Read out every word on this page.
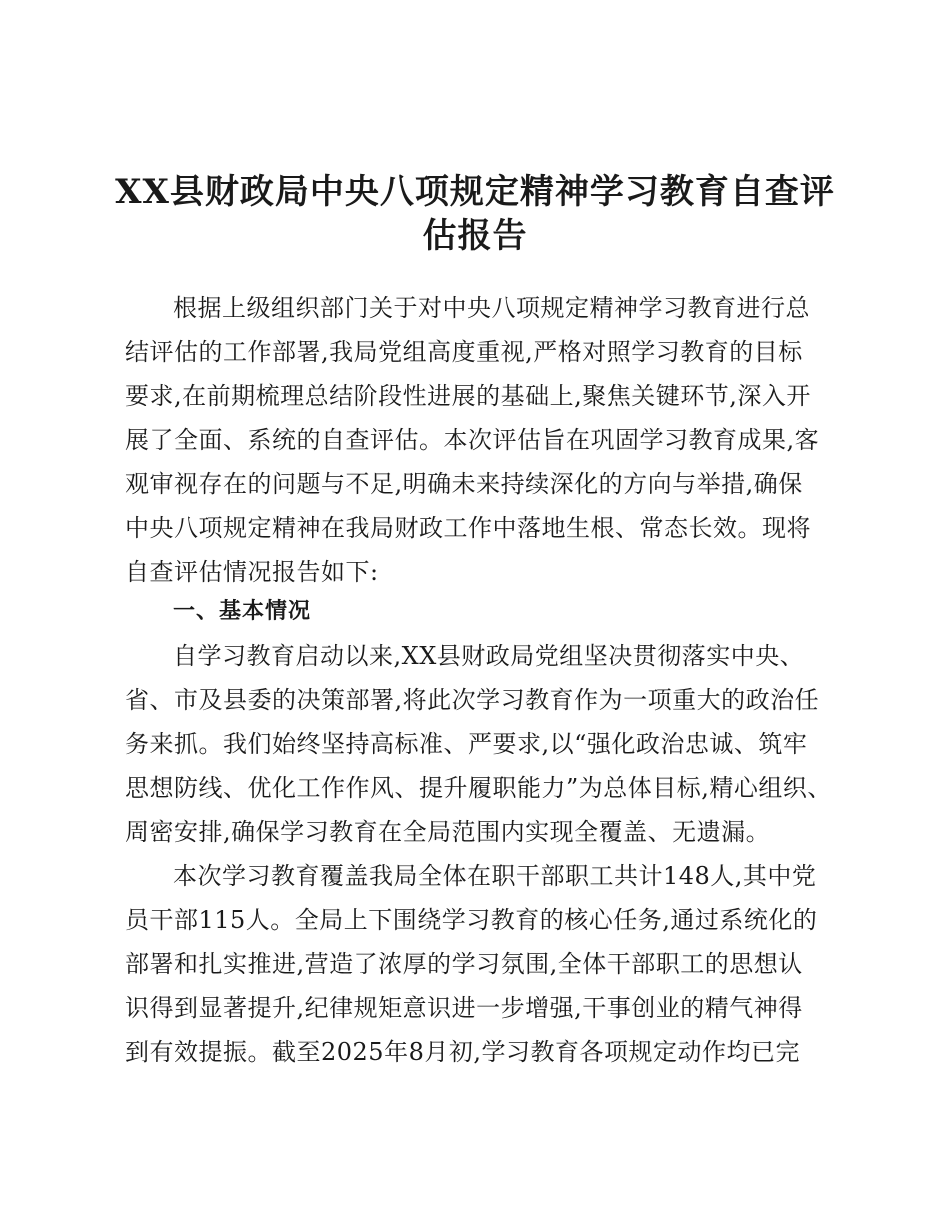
XX县财政局中央八项规定精神学习教育自查评
估报告
根据上级组织部门关于对中央八项规定精神学习教育进行总
结评估的工作部署,我局党组高度重视,严格对照学习教育的目标
要求,在前期梳理总结阶段性进展的基础上,聚焦关键环节,深入开
展了全面、系统的自查评估。本次评估旨在巩固学习教育成果,客
观审视存在的问题与不足,明确未来持续深化的方向与举措,确保
中央八项规定精神在我局财政工作中落地生根、常态长效。现将
自查评估情况报告如下:
一、基本情况
自学习教育启动以来,XX县财政局党组坚决贯彻落实中央、
省、市及县委的决策部署,将此次学习教育作为一项重大的政治任
务来抓。我们始终坚持高标准、严要求,以“强化政治忠诚、筑牢
思想防线、优化工作作风、提升履职能力”为总体目标,精心组织、
周密安排,确保学习教育在全局范围内实现全覆盖、无遗漏。
本次学习教育覆盖我局全体在职干部职工共计148人,其中党
员干部115人。全局上下围绕学习教育的核心任务,通过系统化的
部署和扎实推进,营造了浓厚的学习氛围,全体干部职工的思想认
识得到显著提升,纪律规矩意识进一步增强,干事创业的精气神得
到有效提振。截至2025年8月初,学习教育各项规定动作均已完
